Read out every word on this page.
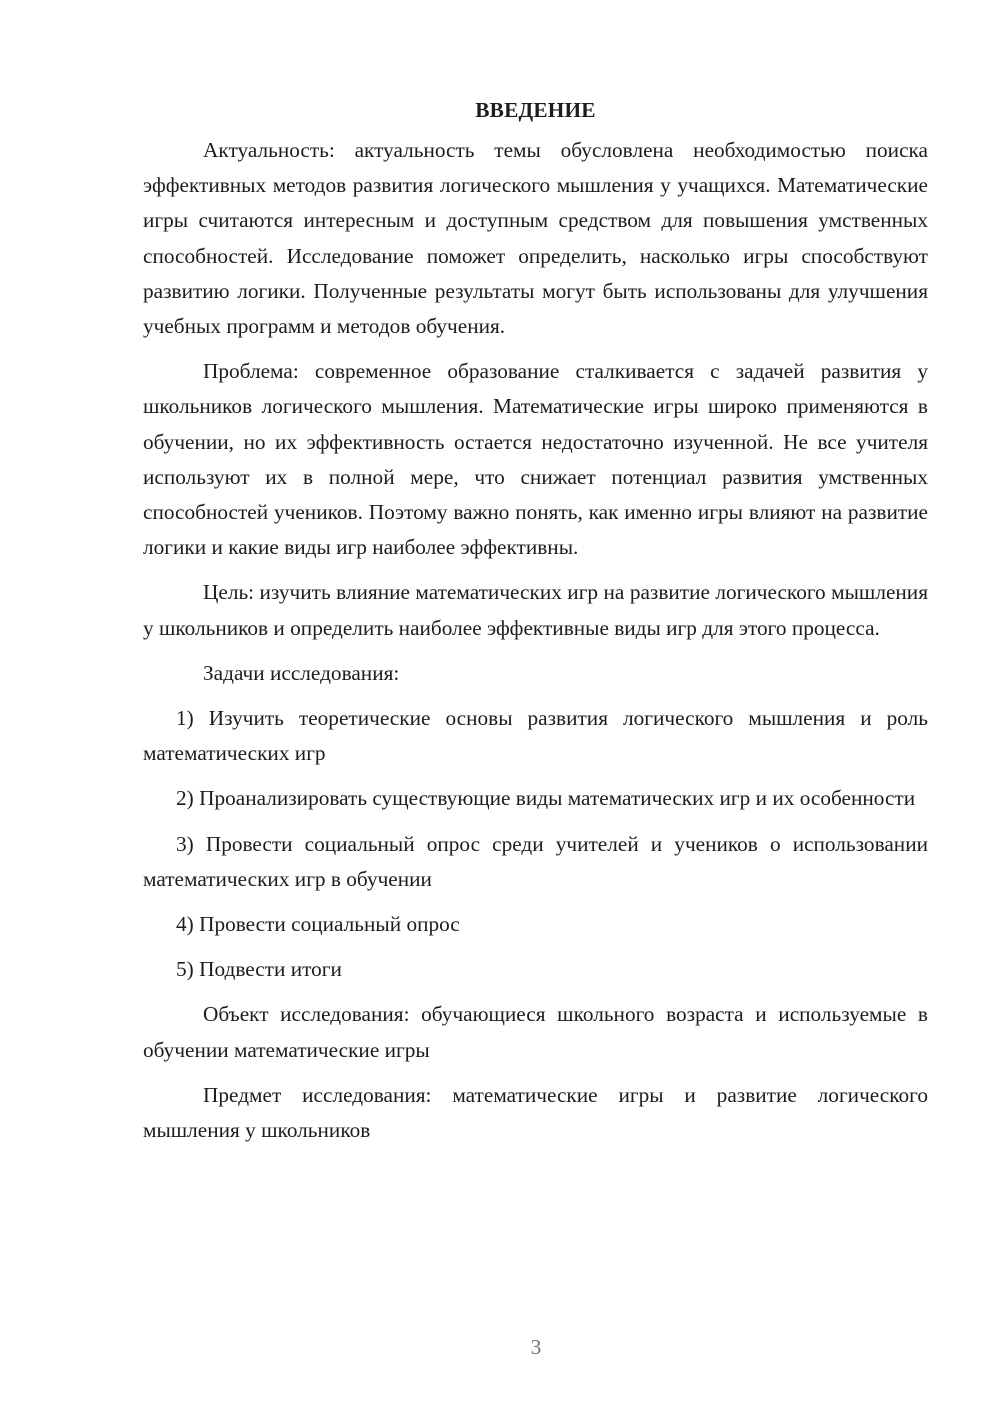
ВВЕДЕНИЕ

Актуальность: актуальность темы обусловлена необходимостью поиска эффективных методов развития логического мышления у учащихся. Математические игры считаются интересным и доступным средством для повышения умственных способностей. Исследование поможет определить, насколько игры способствуют развитию логики. Полученные результаты могут быть использованы для улучшения учебных программ и методов обучения.

Проблема: современное образование сталкивается с задачей развития у школьников логического мышления. Математические игры широко применяются в обучении, но их эффективность остается недостаточно изученной. Не все учителя используют их в полной мере, что снижает потенциал развития умственных способностей учеников. Поэтому важно понять, как именно игры влияют на развитие логики и какие виды игр наиболее эффективны.

Цель: изучить влияние математических игр на развитие логического мышления у школьников и определить наиболее эффективные виды игр для этого процесса.

Задачи исследования:

1) Изучить теоретические основы развития логического мышления и роль математических игр

2) Проанализировать существующие виды математических игр и их особенности

3) Провести социальный опрос среди учителей и учеников о использовании математических игр в обучении

4) Провести социальный опрос

5) Подвести итоги

Объект исследования: обучающиеся школьного возраста и используемые в обучении математические игры

Предмет исследования: математические игры и развитие логического мышления у школьников

3
